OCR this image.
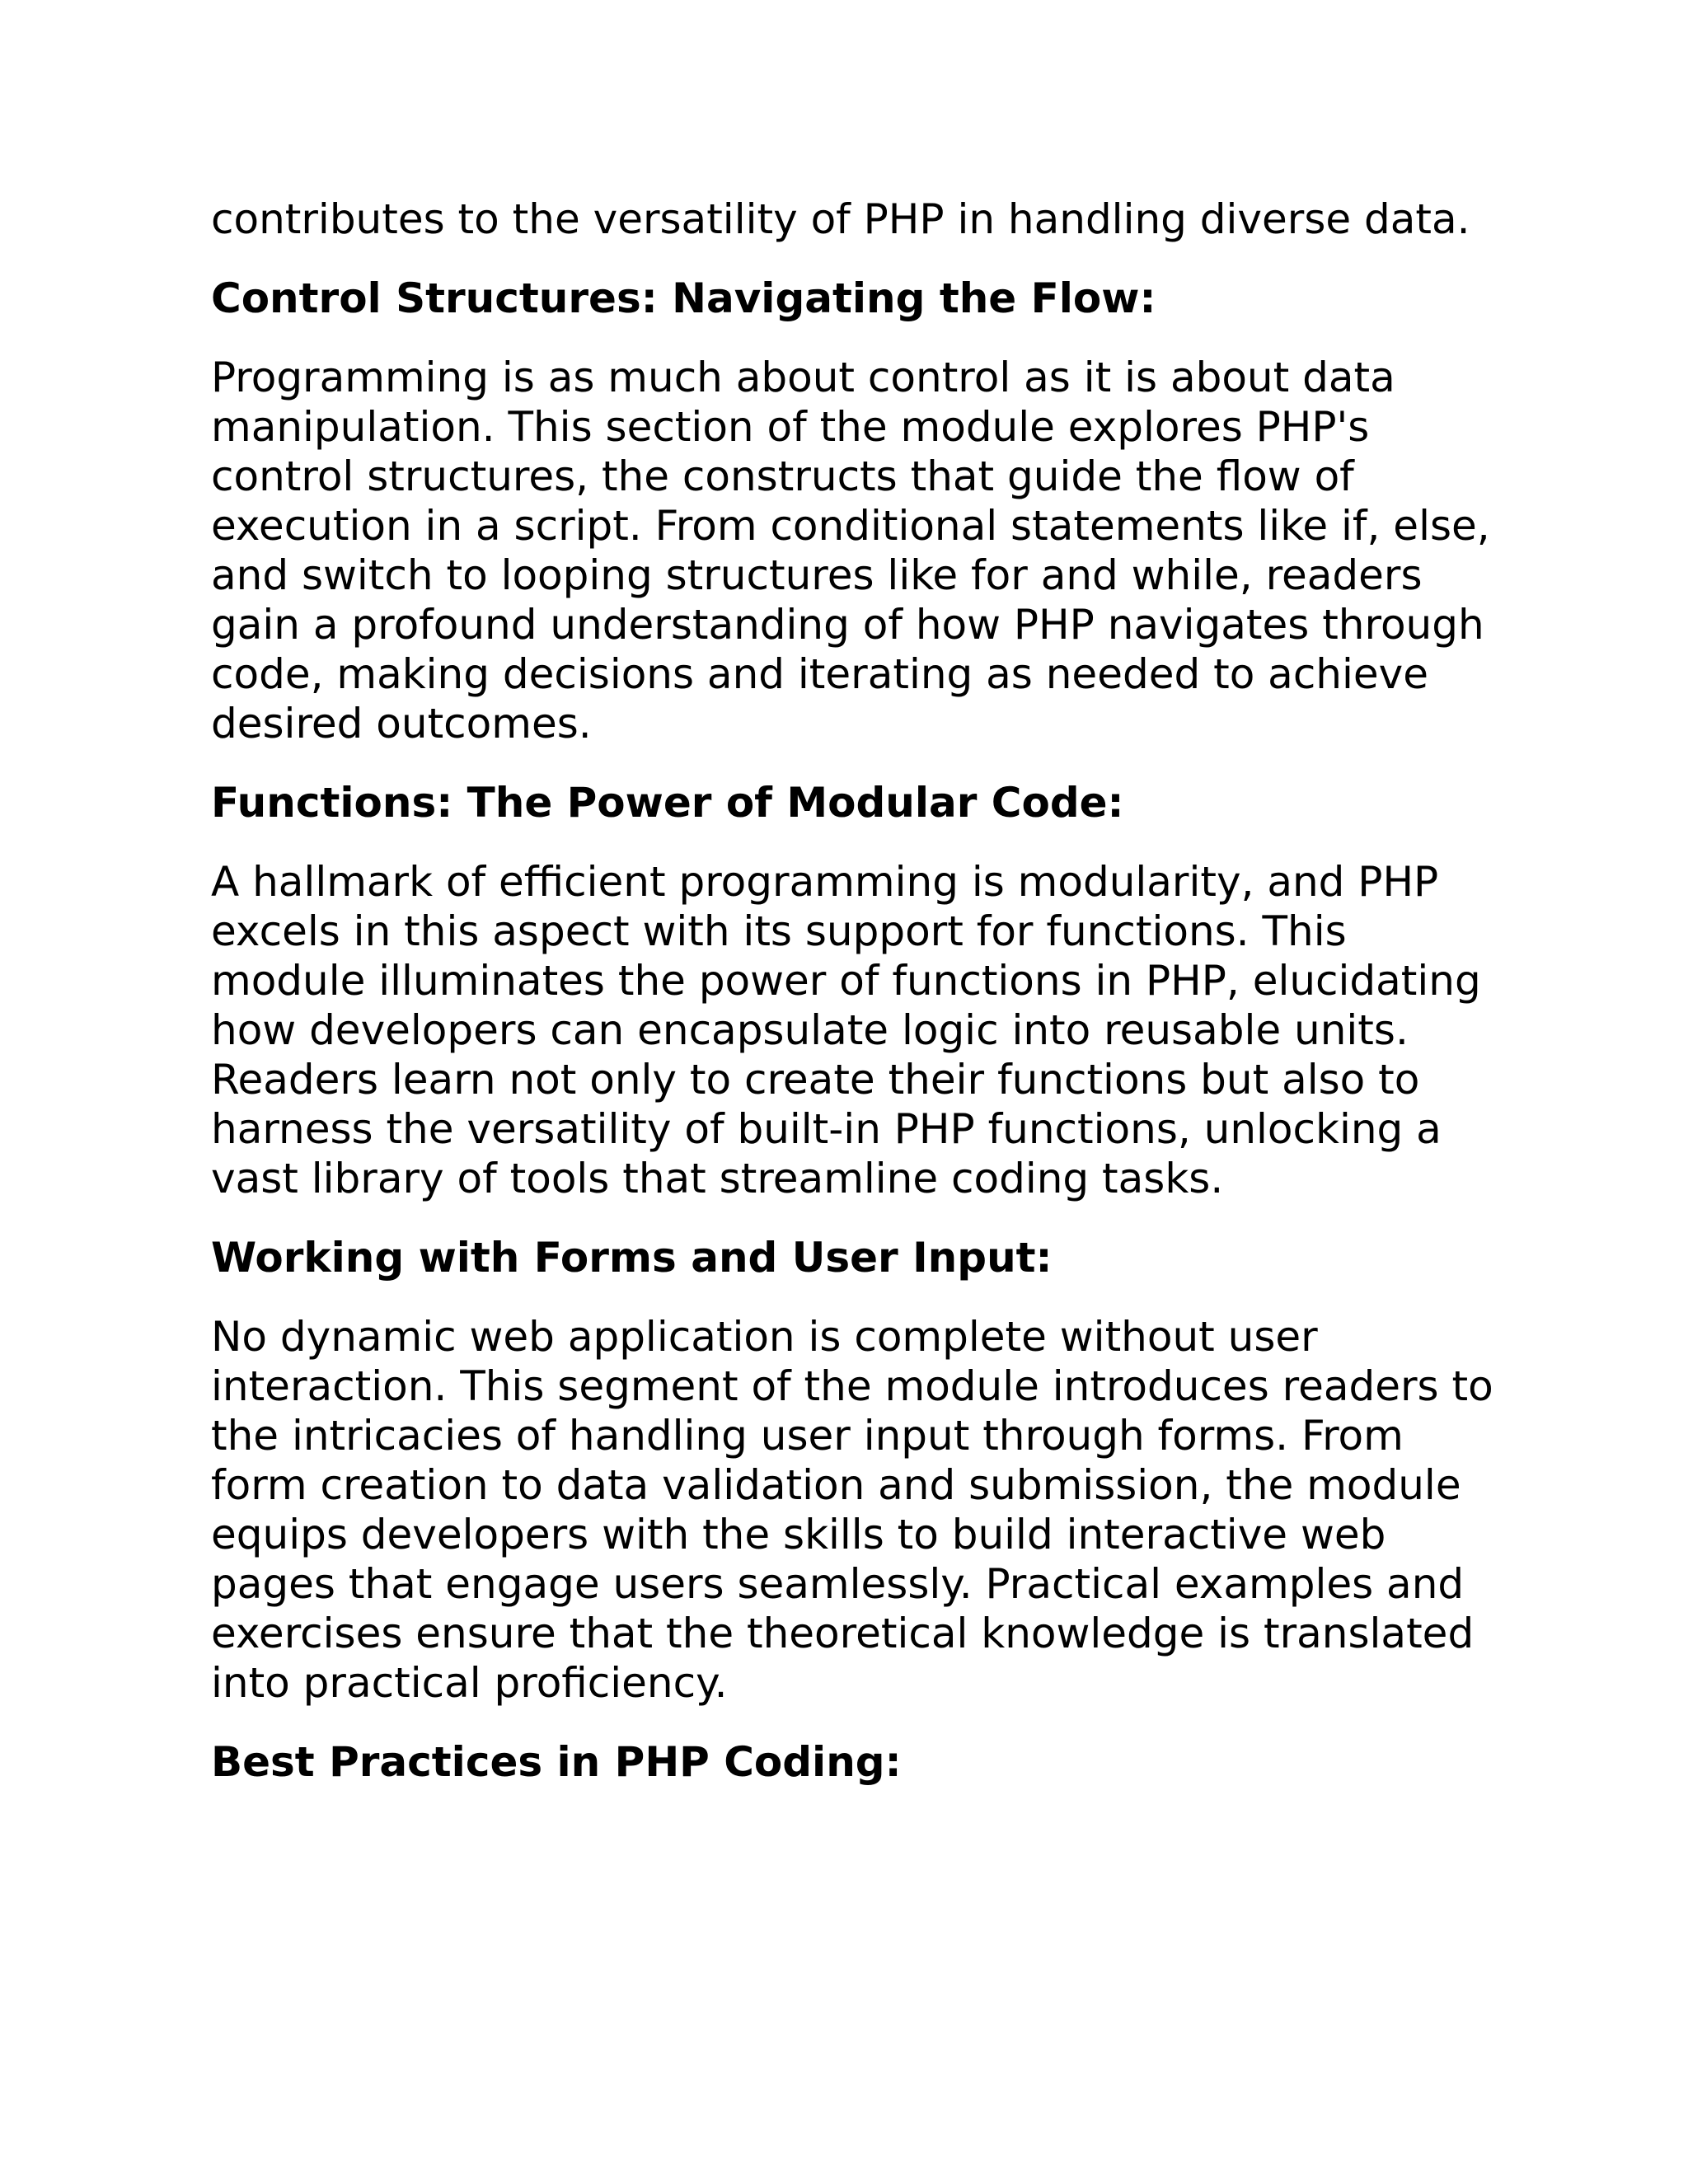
contributes to the versatility of PHP in handling diverse data.

Control Structures: Navigating the Flow:

Programming is as much about control as it is about data manipulation. This section of the module explores PHP's control structures, the constructs that guide the flow of execution in a script. From conditional statements like if, else, and switch to looping structures like for and while, readers gain a profound understanding of how PHP navigates through code, making decisions and iterating as needed to achieve desired outcomes.

Functions: The Power of Modular Code:

A hallmark of efficient programming is modularity, and PHP excels in this aspect with its support for functions. This module illuminates the power of functions in PHP, elucidating how developers can encapsulate logic into reusable units. Readers learn not only to create their functions but also to harness the versatility of built-in PHP functions, unlocking a vast library of tools that streamline coding tasks.

Working with Forms and User Input:

No dynamic web application is complete without user interaction. This segment of the module introduces readers to the intricacies of handling user input through forms. From form creation to data validation and submission, the module equips developers with the skills to build interactive web pages that engage users seamlessly. Practical examples and exercises ensure that the theoretical knowledge is translated into practical proficiency.

Best Practices in PHP Coding:
